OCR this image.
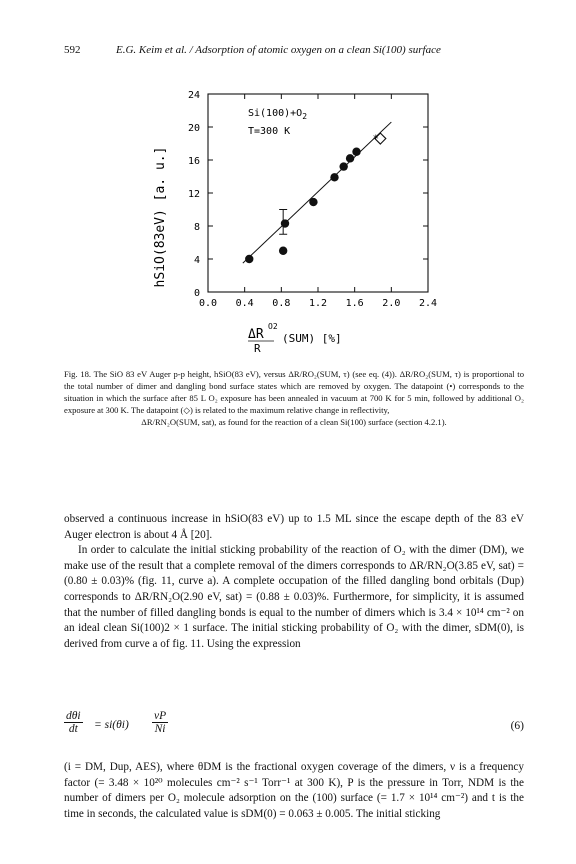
592	E.G. Keim et al. / Adsorption of atomic oxygen on a clean Si(100) surface
0.0 0.4 0.8 1.2 1.6 2.0 2.4
0
4
8
12
16
20
24
*
hSiO(83eV) [a. u.]
$Si(100)+O_2$
T=300 K
ΔR
O2
R
(SUM) [%]
Fig. 18. The SiO 83 eV Auger p-p height, hSiO(83 eV), versus ΔR/RO₂(SUM, τ) (see eq. (4)). ΔR/RO₂(SUM, τ) is proportional to the total number of dimer and dangling bond surface states which are removed by oxygen. The datapoint (•) corresponds to the situation in which the surface after 85 L O₂ exposure has been annealed in vacuum at 700 K for 5 min, followed by additional O₂ exposure at 300 K. The datapoint (◇) is related to the maximum relative change in reflectivity,
ΔR/RN₂O(SUM, sat), as found for the reaction of a clean Si(100) surface (section 4.2.1).

observed a continuous increase in hSiO(83 eV) up to 1.5 ML since the escape depth of the 83 eV Auger electron is about 4 Å [20].

In order to calculate the initial sticking probability of the reaction of O₂ with the dimer (DM), we make use of the result that a complete removal of the dimers corresponds to ΔR/RN₂O(3.85 eV, sat) = (0.80 ± 0.03)% (fig. 11, curve a). A complete occupation of the filled dangling bond orbitals (Dup) corresponds to ΔR/RN₂O(2.90 eV, sat) = (0.88 ± 0.03)%. Furthermore, for simplicity, it is assumed that the number of filled dangling bonds is equal to the number of dimers which is 3.4 × 10¹⁴ cm⁻² on an ideal clean Si(100)2 × 1 surface. The initial sticking probability of O₂ with the dimer, sDM(0), is derived from curve a of fig. 11. Using the expression

dθi
dt	= $si(\theta i) \frac{\nu P}{Ni}$	(6)

(i = DM, Dup, AES), where θDM is the fractional oxygen coverage of the dimers, ν is a frequency factor (= 3.48 × 10²⁰ molecules cm⁻² s⁻¹ Torr⁻¹ at 300 K), P is the pressure in Torr, NDM is the number of dimers per O₂ molecule adsorption on the (100) surface (= 1.7 × 10¹⁴ cm⁻²) and t is the time in seconds, the calculated value is sDM(0) = 0.063 ± 0.005. The initial sticking
